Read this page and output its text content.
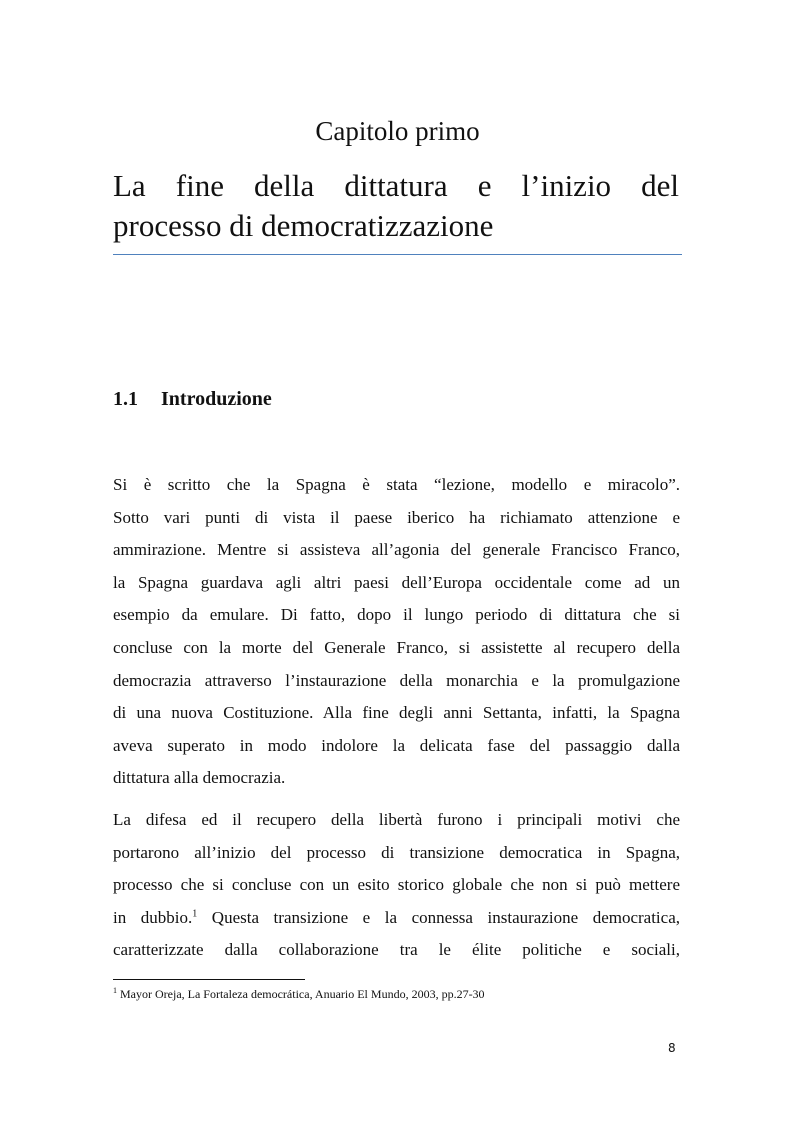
Capitolo primo
La fine della dittatura e l’inizio del
processo di democratizzazione
1.1 Introduzione
Si è scritto che la Spagna è stata “lezione, modello e miracolo”.
Sotto vari punti di vista il paese iberico ha richiamato attenzione e
ammirazione. Mentre si assisteva all’agonia del generale Francisco Franco,
la Spagna guardava agli altri paesi dell’Europa occidentale come ad un
esempio da emulare. Di fatto, dopo il lungo periodo di dittatura che si
concluse con la morte del Generale Franco, si assistette al recupero della
democrazia attraverso l’instaurazione della monarchia e la promulgazione
di una nuova Costituzione. Alla fine degli anni Settanta, infatti, la Spagna
aveva superato in modo indolore la delicata fase del passaggio dalla
dittatura alla democrazia.
La difesa ed il recupero della libertà furono i principali motivi che
portarono all’inizio del processo di transizione democratica in Spagna,
processo che si concluse con un esito storico globale che non si può mettere
in dubbio.$^1$ Questa transizione e la connessa instaurazione democratica,
caratterizzate dalla collaborazione tra le élite politiche e sociali,
$^1$ Mayor Oreja, La Fortaleza democrática, Anuario El Mundo, 2003, pp.27-30
8
